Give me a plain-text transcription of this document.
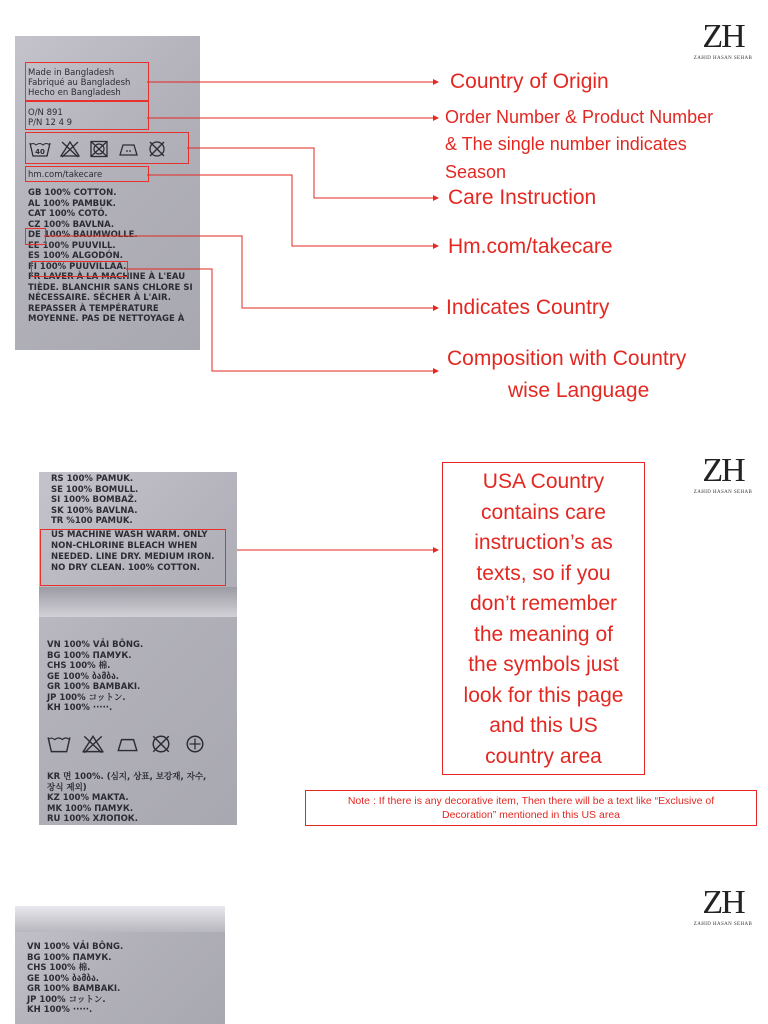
Made in Bangladesh
Fabriqué au Bangladesh
Hecho en Bangladesh
O/N 891
P/N 12 4 9
40
hm.com/takecare
GB 100% COTTON.
AL 100% PAMBUK.
CAT 100% COTÓ.
CZ 100% BAVLNA.
DE 100% BAUMWOLLE.
EE 100% PUUVILL.
ES 100% ALGODÓN.
FI 100% PUUVILLAA.
FR LAVER À LA MACHINE À L'EAU
TIÈDE. BLANCHIR SANS CHLORE SI
NÉCESSAIRE. SÉCHER À L'AIR.
REPASSER À TEMPÉRATURE
MOYENNE. PAS DE NETTOYAGE À
Country of Origin
Order Number & Product Number
& The single number indicates
Season
Care Instruction
Hm.com/takecare
Indicates Country
Composition with Country
wise Language
ZH
ZAHID HASAN SEHAB
RS 100% PAMUK.
SE 100% BOMULL.
SI 100% BOMBAŽ.
SK 100% BAVLNA.
TR %100 PAMUK.
US MACHINE WASH WARM. ONLY
NON-CHLORINE BLEACH WHEN
NEEDED. LINE DRY. MEDIUM IRON.
NO DRY CLEAN. 100% COTTON.
VN 100% VẢI BÔNG.
BG 100% ПАМУК.
CHS 100% 棉.
GE 100% ბამბა.
GR 100% BAMBAKI.
JP 100% コットン.
KH 100% ·····.
KR 면 100%. (심지, 상표, 보강재, 자수,
장식 제외)
KZ 100% MAKTA.
MK 100% ПАМУК.
RU 100% ХЛОПОК.
USA Country
contains care
instruction’s as
texts, so if you
don’t remember
the meaning of
the symbols just
look for this page
and this US
country area
Note : If there is any decorative item, Then there will be a text like “Exclusive of
Decoration” mentioned in this US area
ZH
ZAHID HASAN SEHAB
VN 100% VẢI BÔNG.
BG 100% ПАМУК.
CHS 100% 棉.
GE 100% ბამბა.
GR 100% BAMBAKI.
JP 100% コットン.
KH 100% ·····.
ZH
ZAHID HASAN SEHAB
